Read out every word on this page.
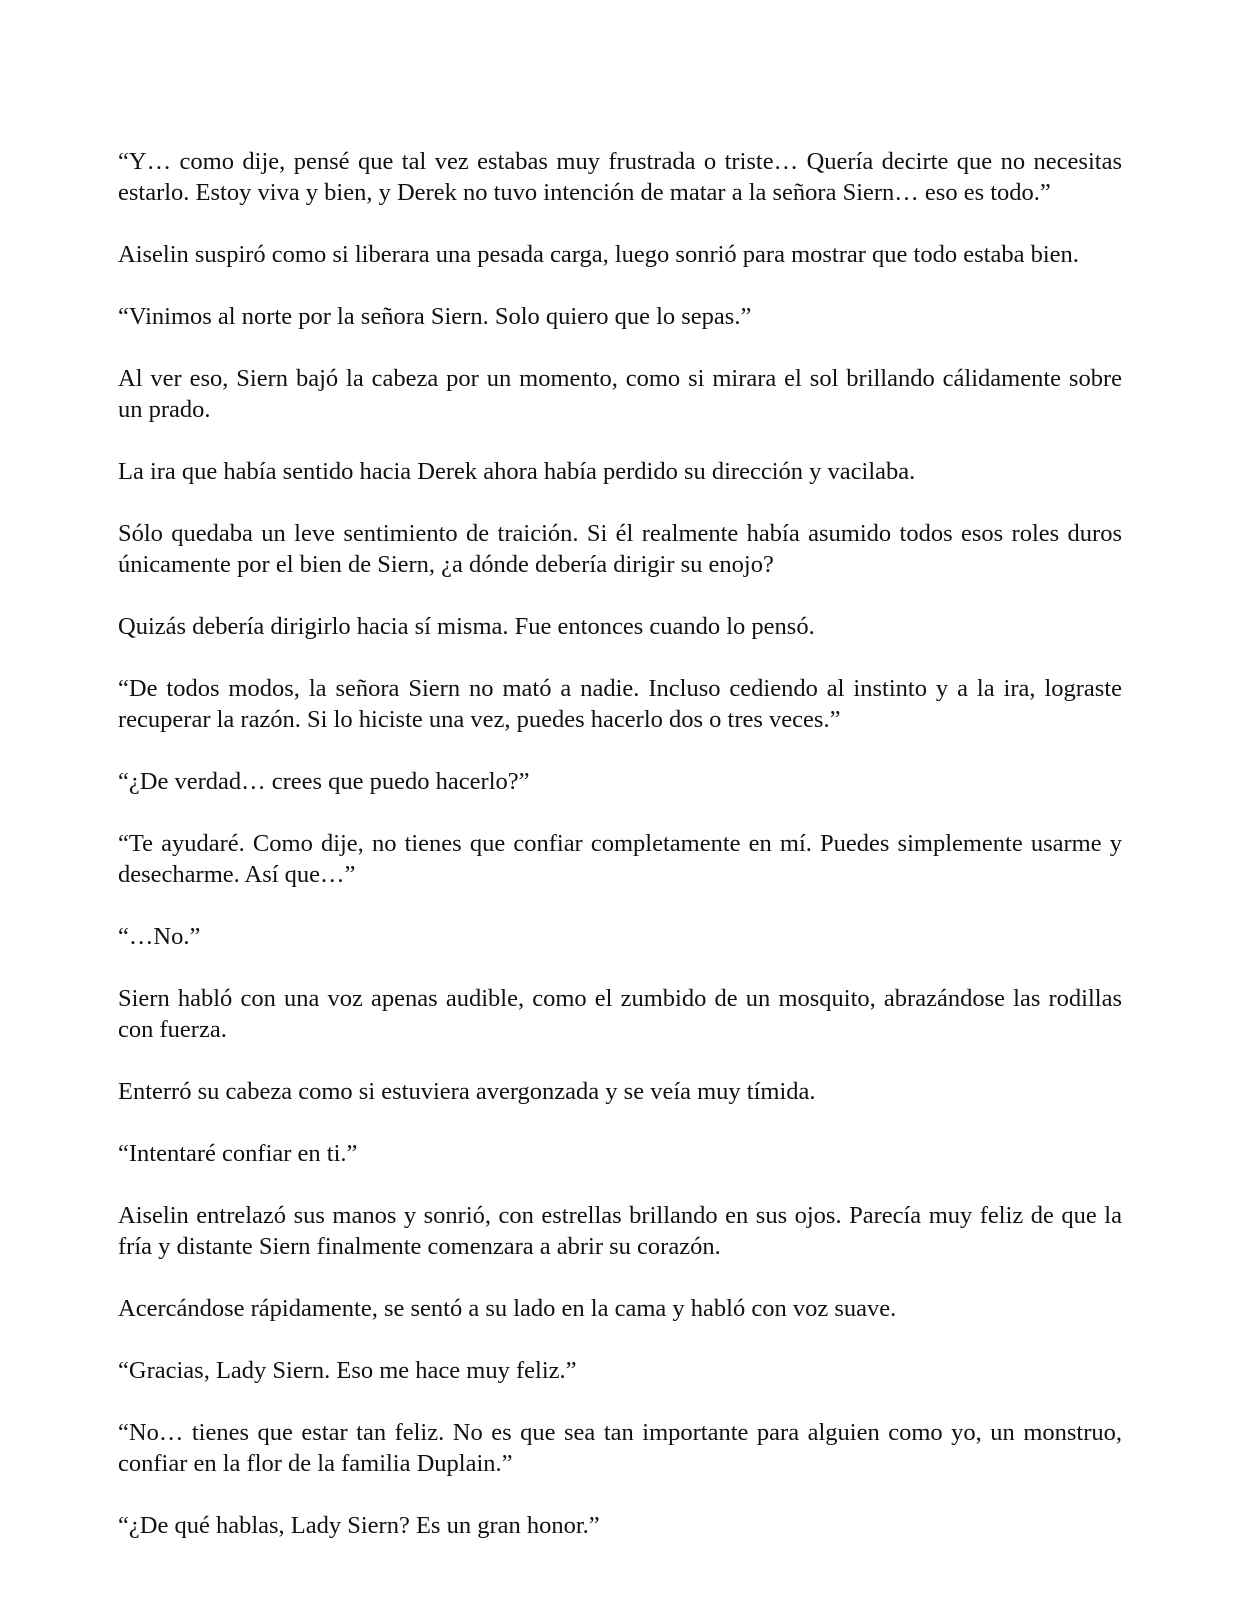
“Y… como dije, pensé que tal vez estabas muy frustrada o triste… Quería decirte que no necesitas estarlo. Estoy viva y bien, y Derek no tuvo intención de matar a la señora Siern… eso es todo.”

Aiselin suspiró como si liberara una pesada carga, luego sonrió para mostrar que todo estaba bien.

“Vinimos al norte por la señora Siern. Solo quiero que lo sepas.”

Al ver eso, Siern bajó la cabeza por un momento, como si mirara el sol brillando cálidamente sobre un prado.

La ira que había sentido hacia Derek ahora había perdido su dirección y vacilaba.

Sólo quedaba un leve sentimiento de traición. Si él realmente había asumido todos esos roles duros únicamente por el bien de Siern, ¿a dónde debería dirigir su enojo?

Quizás debería dirigirlo hacia sí misma. Fue entonces cuando lo pensó.

“De todos modos, la señora Siern no mató a nadie. Incluso cediendo al instinto y a la ira, lograste recuperar la razón. Si lo hiciste una vez, puedes hacerlo dos o tres veces.”

“¿De verdad… crees que puedo hacerlo?”

“Te ayudaré. Como dije, no tienes que confiar completamente en mí. Puedes simplemente usarme y desecharme. Así que…”

“…No.”

Siern habló con una voz apenas audible, como el zumbido de un mosquito, abrazándose las rodillas con fuerza.

Enterró su cabeza como si estuviera avergonzada y se veía muy tímida.

“Intentaré confiar en ti.”

Aiselin entrelazó sus manos y sonrió, con estrellas brillando en sus ojos. Parecía muy feliz de que la fría y distante Siern finalmente comenzara a abrir su corazón.

Acercándose rápidamente, se sentó a su lado en la cama y habló con voz suave.

“Gracias, Lady Siern. Eso me hace muy feliz.”

“No… tienes que estar tan feliz. No es que sea tan importante para alguien como yo, un monstruo, confiar en la flor de la familia Duplain.”

“¿De qué hablas, Lady Siern? Es un gran honor.”
